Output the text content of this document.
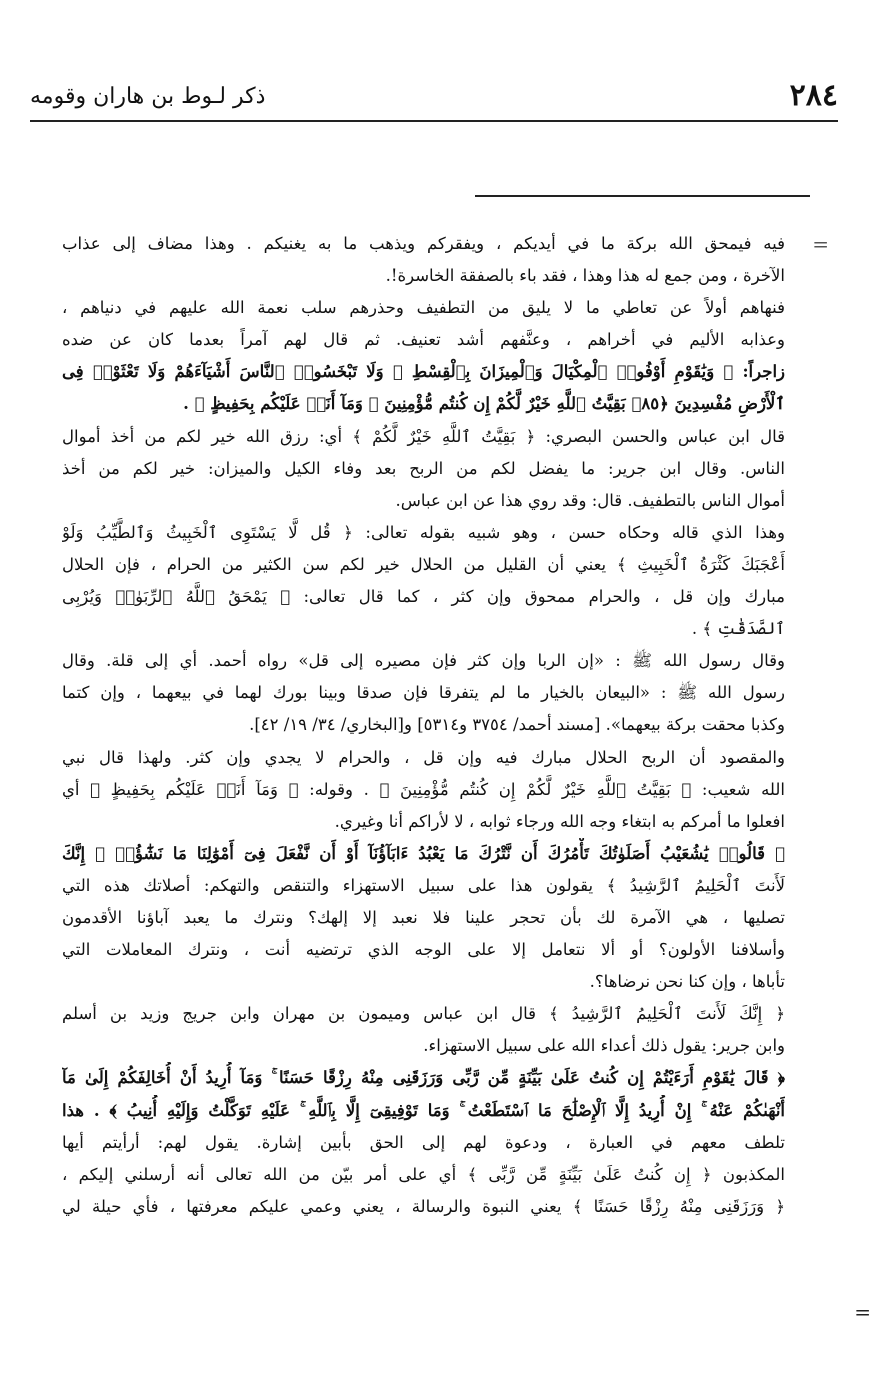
٢٨٤
ذكر لـوط بن هاران وقومه
=
=
فيه فيمحق الله بركة ما في أيديكم ، ويفقركم ويذهب ما به يغنيكم . وهذا مضاف إلى عذاب
الآخرة ، ومن جمع له هذا وهذا ، فقد باء بالصفقة الخاسرة!.
فنهاهم أولاً عن تعاطي ما لا يليق من التطفيف وحذرهم سلب نعمة الله عليهم في دنياهم ،
وعذابه الأليم في أخراهم ، وعنَّفهم أشد تعنيف. ثم قال لهم آمراً بعدما كان عن ضده
زاجراً: ﴿ وَيَٰقَوْمِ أَوْفُوا۟ ٱلْمِكْيَالَ وَٱلْمِيزَانَ بِٱلْقِسْطِ ۖ وَلَا تَبْخَسُوا۟ ٱلنَّاسَ أَشْيَآءَهُمْ وَلَا تَعْثَوْا۟ فِى
ٱلْأَرْضِ مُفْسِدِينَ ﴿٨٥﴾ بَقِيَّتُ ٱللَّهِ خَيْرٌ لَّكُمْ إِن كُنتُم مُّؤْمِنِينَ ۚ وَمَآ أَنَا۠ عَلَيْكُم بِحَفِيظٍ ﴾ .
قال ابن عباس والحسن البصري: ﴿ بَقِيَّتُ ٱللَّهِ خَيْرٌ لَّكُمْ ﴾ أي: رزق الله خير لكم من أخذ أموال
الناس. وقال ابن جرير: ما يفضل لكم من الربح بعد وفاء الكيل والميزان: خير لكم من أخذ
أموال الناس بالتطفيف. قال: وقد روي هذا عن ابن عباس.
وهذا الذي قاله وحكاه حسن ، وهو شبيه بقوله تعالى: ﴿ قُل لَّا يَسْتَوِى ٱلْخَبِيثُ وَٱلطَّيِّبُ وَلَوْ
أَعْجَبَكَ كَثْرَةُ ٱلْخَبِيثِ ﴾ يعني أن القليل من الحلال خير لكم سن الكثير من الحرام ، فإن الحلال
مبارك وإن قل ، والحرام ممحوق وإن كثر ، كما قال تعالى: ﴿ يَمْحَقُ ٱللَّهُ ٱلرِّبَوٰا۟ وَيُرْبِى
ٱلصَّدَقَٰتِ ﴾ .
وقال رسول الله ﷺ : «إن الربا وإن كثر فإن مصيره إلى قل» رواه أحمد. أي إلى قلة. وقال
رسول الله ﷺ : «البيعان بالخيار ما لم يتفرقا فإن صدقا وبينا بورك لهما في بيعهما ، وإن كتما
وكذبا محقت بركة بيعهما». [مسند أحمد/ ٣٧٥٤ و٥٣١٤] و[البخاري/ ٣٤/ ١٩/ ٤٢].
والمقصود أن الربح الحلال مبارك فيه وإن قل ، والحرام لا يجدي وإن كثر. ولهذا قال نبي
الله شعيب: ﴿ بَقِيَّتُ ٱللَّهِ خَيْرٌ لَّكُمْ إِن كُنتُم مُّؤْمِنِينَ ﴾ . وقوله: ﴿ وَمَآ أَنَا۠ عَلَيْكُم بِحَفِيظٍ ﴾ أي
افعلوا ما أمركم به ابتغاء وجه الله ورجاء ثوابه ، لا لأراكم أنا وغيري.
﴿ قَالُوا۟ يَٰشُعَيْبُ أَصَلَوٰتُكَ تَأْمُرُكَ أَن نَّتْرُكَ مَا يَعْبُدُ ءَابَآؤُنَآ أَوْ أَن نَّفْعَلَ فِىٓ أَمْوَٰلِنَا مَا نَشَٰٓؤُا۟ ۖ إِنَّكَ
لَأَنتَ ٱلْحَلِيمُ ٱلرَّشِيدُ ﴾ يقولون هذا على سبيل الاستهزاء والتنقص والتهكم: أصلاتك هذه التي
تصليها ، هي الآمرة لك بأن تحجر علينا فلا نعبد إلا إلهك؟ ونترك ما يعبد آباؤنا الأقدمون
وأسلافنا الأولون؟ أو ألا نتعامل إلا على الوجه الذي ترتضيه أنت ، ونترك المعاملات التي
تأباها ، وإن كنا نحن نرضاها؟.
﴿ إِنَّكَ لَأَنتَ ٱلْحَلِيمُ ٱلرَّشِيدُ ﴾ قال ابن عباس وميمون بن مهران وابن جريج وزيد بن أسلم
وابن جرير: يقول ذلك أعداء الله على سبيل الاستهزاء.
﴿ قَالَ يَٰقَوْمِ أَرَءَيْتُمْ إِن كُنتُ عَلَىٰ بَيِّنَةٍ مِّن رَّبِّى وَرَزَقَنِى مِنْهُ رِزْقًا حَسَنًا ۚ وَمَآ أُرِيدُ أَنْ أُخَالِفَكُمْ إِلَىٰ مَآ
أَنْهَىٰكُمْ عَنْهُ ۚ إِنْ أُرِيدُ إِلَّا ٱلْإِصْلَٰحَ مَا ٱسْتَطَعْتُ ۚ وَمَا تَوْفِيقِىٓ إِلَّا بِٱللَّهِ ۚ عَلَيْهِ تَوَكَّلْتُ وَإِلَيْهِ أُنِيبُ ﴾ . هذا
تلطف معهم في العبارة ، ودعوة لهم إلى الحق بأبين إشارة. يقول لهم: أرأيتم أيها
المكذبون ﴿ إِن كُنتُ عَلَىٰ بَيِّنَةٍ مِّن رَّبِّى ﴾ أي على أمر بيّن من الله تعالى أنه أرسلني إليكم ،
﴿ وَرَزَقَنِى مِنْهُ رِزْقًا حَسَنًا ﴾ يعني النبوة والرسالة ، يعني وعمي عليكم معرفتها ، فأي حيلة لي
